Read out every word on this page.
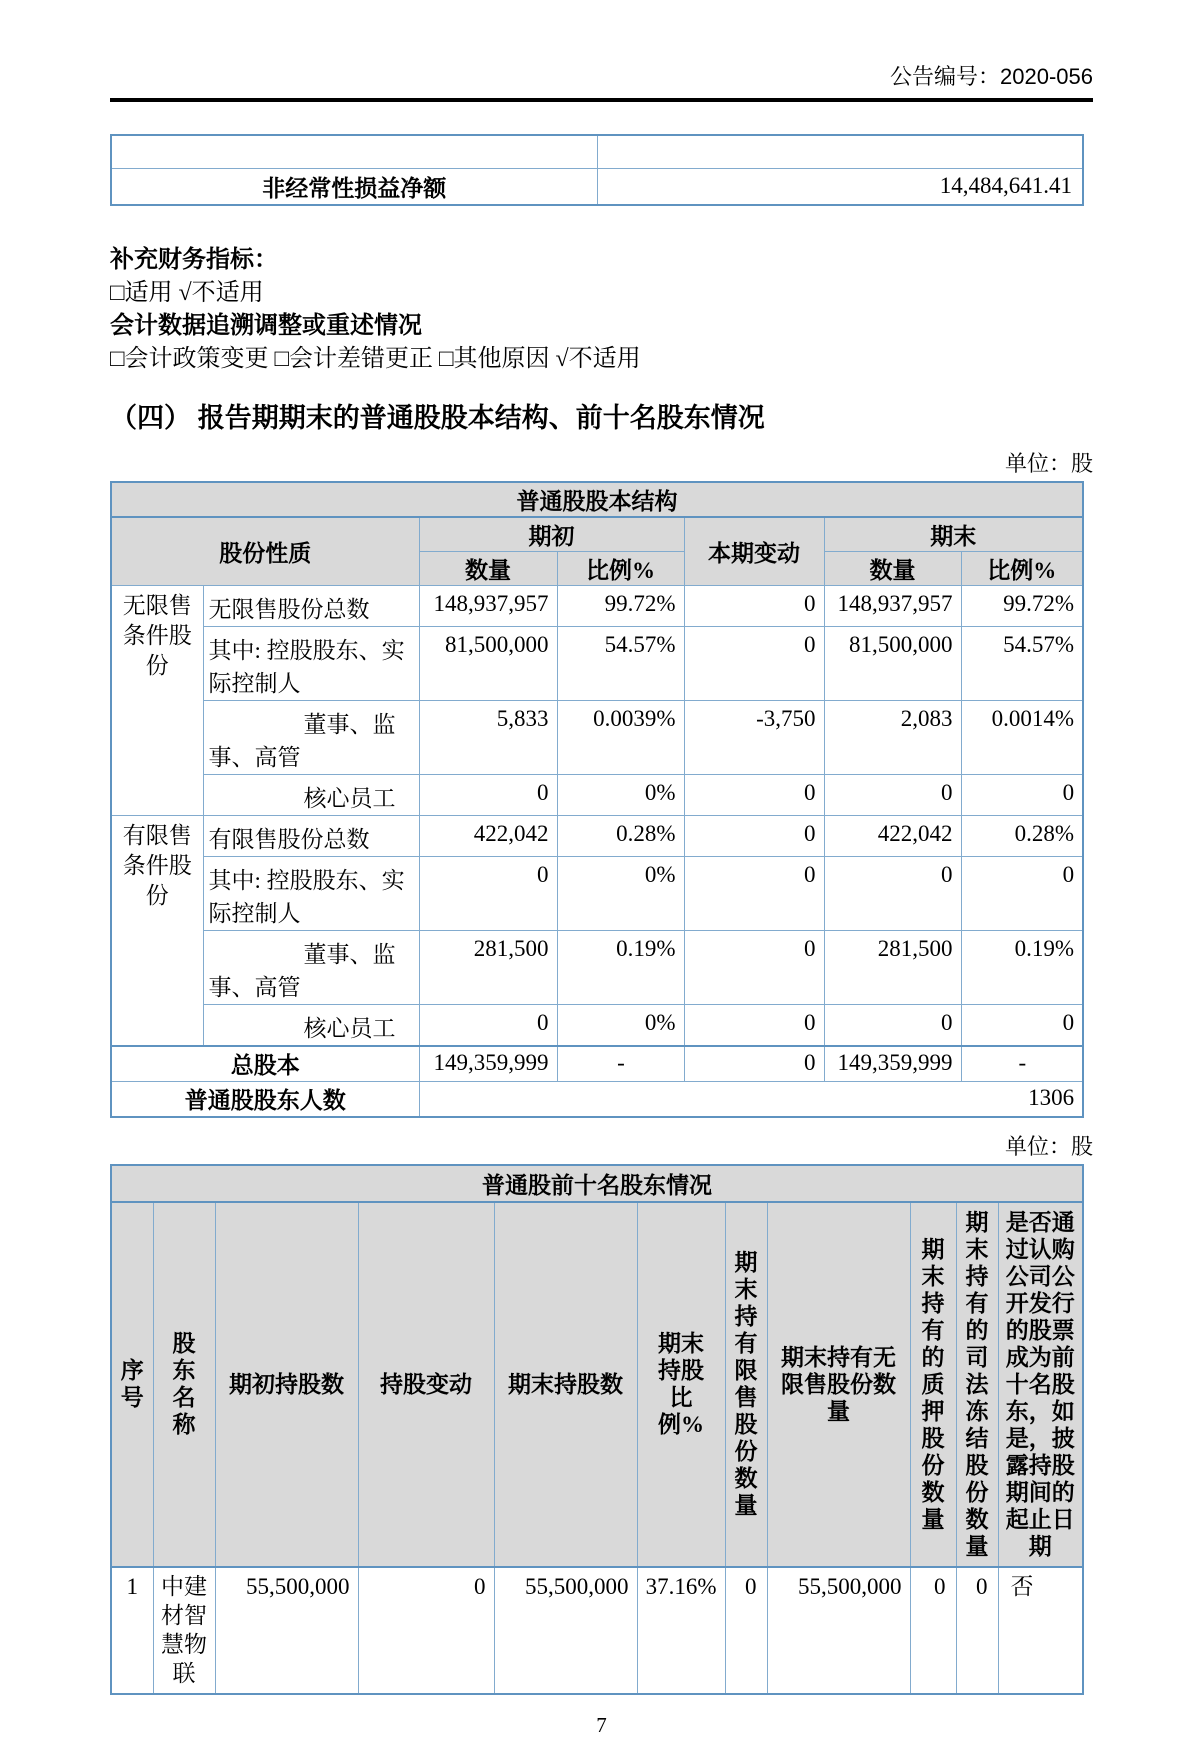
公告编号：2020-056

非经常性损益净额	14,484,641.41
补充财务指标：
□适用 √不适用
会计数据追溯调整或重述情况
□会计政策变更 □会计差错更正 □其他原因 √不适用
（四） 报告期期末的普通股股本结构、前十名股东情况
单位：股
普通股股本结构						
股份性质		期初		本期变动	期末	
		数量	比例%		数量	比例%
无限售条件股份	无限售股份总数	148,937,957	99.72%	0	148,937,957	99.72%
	其中: 控股股东、实际控制人	81,500,000	54.57%	0	81,500,000	54.57%
	董事、监事、高管	5,833	0.0039%	-3,750	2,083	0.0014%
	核心员工	0	0%	0	0	0
有限售条件股份	有限售股份总数	422,042	0.28%	0	422,042	0.28%
	其中: 控股股东、实际控制人	0	0%	0	0	0
	董事、监事、高管	281,500	0.19%	0	281,500	0.19%
	核心员工	0	0%	0	0	0
总股本		149,359,999	-	0	149,359,999	-
普通股股东人数		1306				
单位：股
普通股前十名股东情况										
序号	股东名称	期初持股数	持股变动	期末持股数	期末持股比例%	期末持有限售股份数量	期末持有无限售股份数量	期末持有的质押股份数量	期末持有的司法冻结股份数量	是否通过认购公司公开发行的股票成为前十名股东，如是，披露持股期间的起止日期
1	中建材智慧物联	55,500,000	0	55,500,000	37.16%	0	55,500,000	0	0	否
7
